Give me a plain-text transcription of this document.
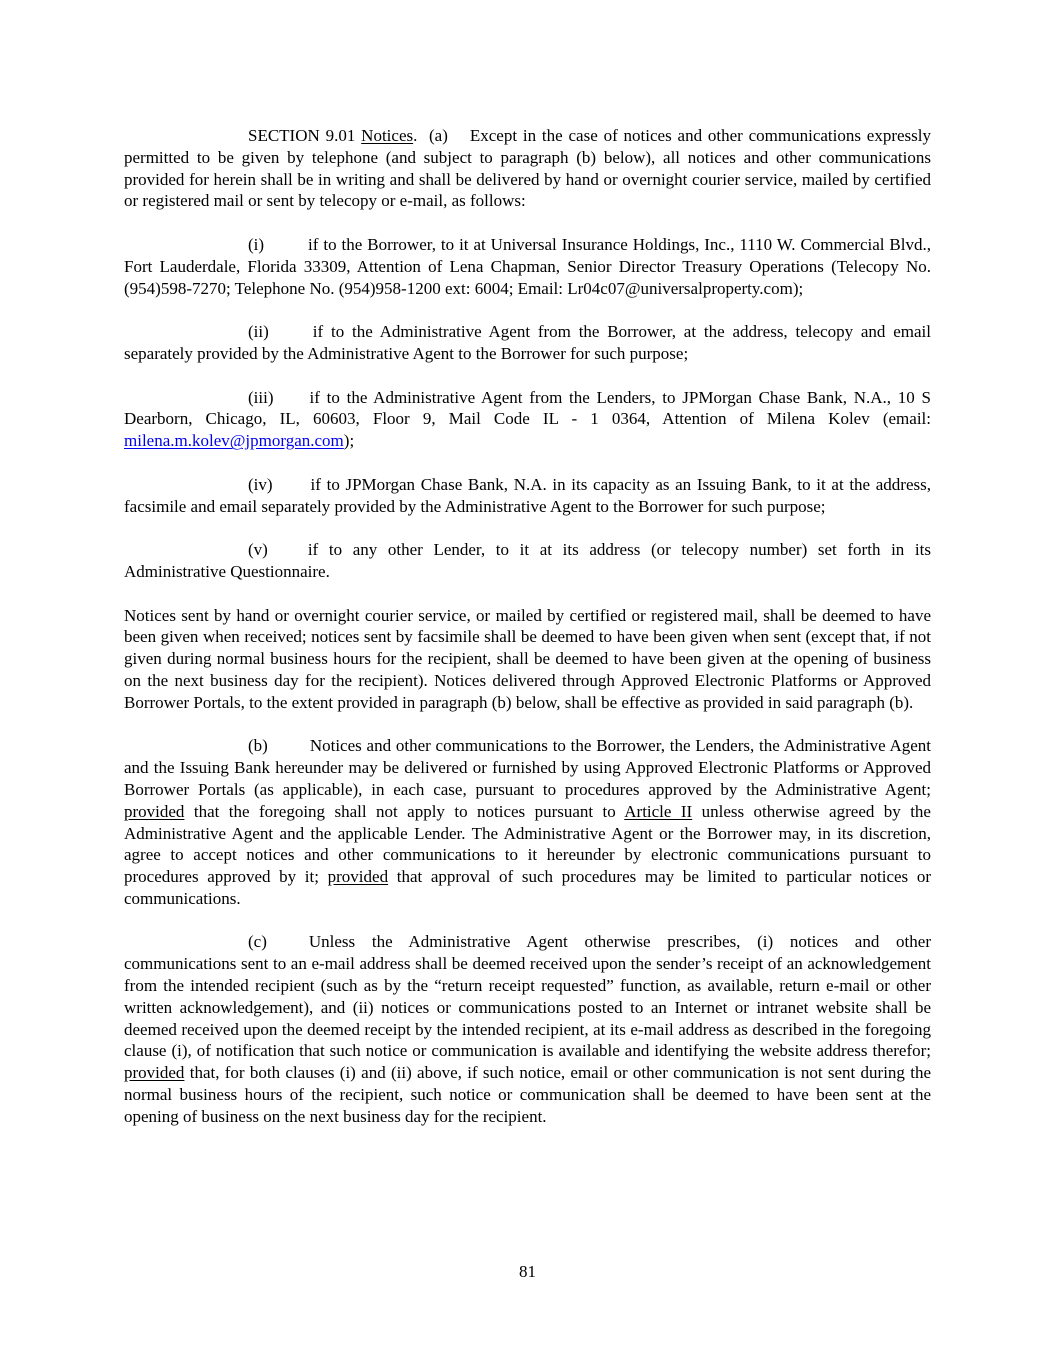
SECTION 9.01 Notices.  (a) Except in the case of notices and other communications expressly permitted to be given by telephone (and subject to paragraph (b) below), all notices and other communications provided for herein shall be in writing and shall be delivered by hand or overnight courier service, mailed by certified or registered mail or sent by telecopy or e-mail, as follows:

(i)	if to the Borrower, to it at Universal Insurance Holdings, Inc., 1110 W. Commercial Blvd., Fort Lauderdale, Florida 33309, Attention of Lena Chapman, Senior Director Treasury Operations (Telecopy No. (954)598-7270; Telephone No. (954)958-1200 ext: 6004; Email: Lr04c07@universalproperty.com);

(ii)	if to the Administrative Agent from the Borrower, at the address, telecopy and email separately provided by the Administrative Agent to the Borrower for such purpose;

(iii) if to the Administrative Agent from the Lenders, to JPMorgan Chase Bank, N.A., 10 S Dearborn, Chicago, IL, 60603, Floor 9, Mail Code IL - 1 0364, Attention of Milena Kolev (email: milena.m.kolev@jpmorgan.com);

(iv) if to JPMorgan Chase Bank, N.A. in its capacity as an Issuing Bank, to it at the address, facsimile and email separately provided by the Administrative Agent to the Borrower for such purpose;

(v) if to any other Lender, to it at its address (or telecopy number) set forth in its Administrative Questionnaire.

Notices sent by hand or overnight courier service, or mailed by certified or registered mail, shall be deemed to have been given when received; notices sent by facsimile shall be deemed to have been given when sent (except that, if not given during normal business hours for the recipient, shall be deemed to have been given at the opening of business on the next business day for the recipient). Notices delivered through Approved Electronic Platforms or Approved Borrower Portals, to the extent provided in paragraph (b) below, shall be effective as provided in said paragraph (b).

(b) Notices and other communications to the Borrower, the Lenders, the Administrative Agent and the Issuing Bank hereunder may be delivered or furnished by using Approved Electronic Platforms or Approved Borrower Portals (as applicable), in each case, pursuant to procedures approved by the Administrative Agent; provided that the foregoing shall not apply to notices pursuant to Article II unless otherwise agreed by the Administrative Agent and the applicable Lender. The Administrative Agent or the Borrower may, in its discretion, agree to accept notices and other communications to it hereunder by electronic communications pursuant to procedures approved by it; provided that approval of such procedures may be limited to particular notices or communications.

(c) Unless the Administrative Agent otherwise prescribes, (i) notices and other communications sent to an e-mail address shall be deemed received upon the sender’s receipt of an acknowledgement from the intended recipient (such as by the “return receipt requested” function, as available, return e-mail or other written acknowledgement), and (ii) notices or communications posted to an Internet or intranet website shall be deemed received upon the deemed receipt by the intended recipient, at its e-mail address as described in the foregoing clause (i), of notification that such notice or communication is available and identifying the website address therefor; provided that, for both clauses (i) and (ii) above, if such notice, email or other communication is not sent during the normal business hours of the recipient, such notice or communication shall be deemed to have been sent at the opening of business on the next business day for the recipient.

81
